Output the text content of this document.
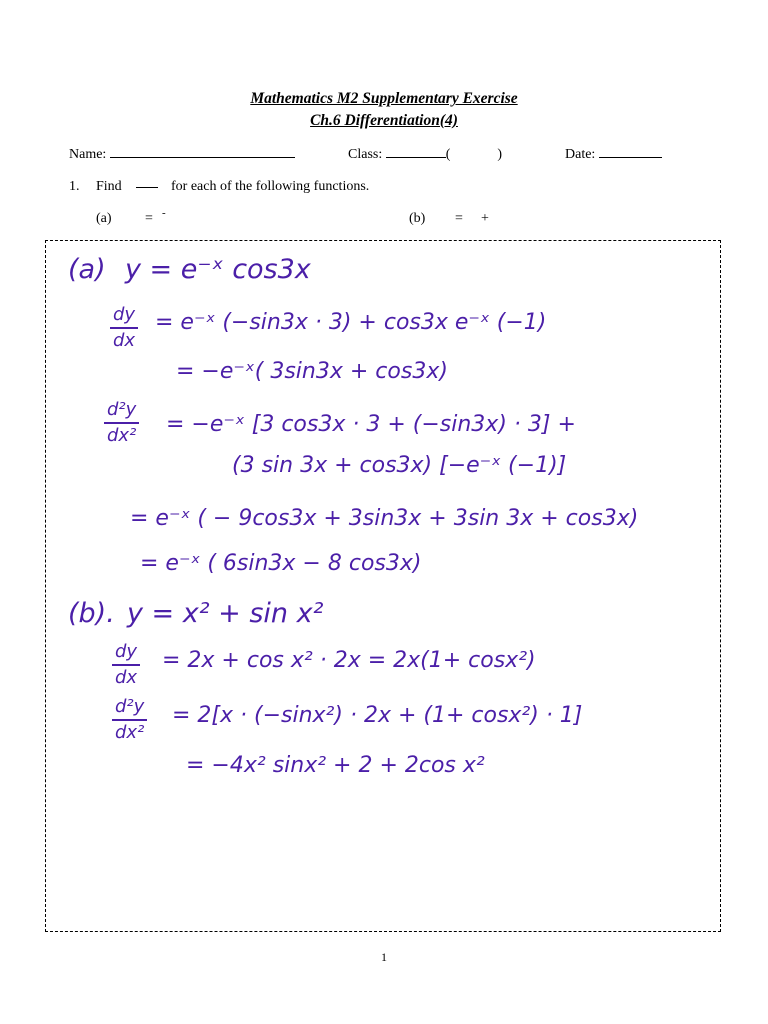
Mathematics M2 Supplementary Exercise
Ch.6 Differentiation(4)
Name:	Class:	(	)	Date:
1. Find	for each of the following functions.
(a) = -	(b) = +
(a) y = e⁻ˣ cos3x
$\frac{dy}{dx}$ = e⁻ˣ (−sin3x · 3) + cos3x e⁻ˣ (−1)
= −e⁻ˣ( 3sin3x + cos3x)
$\frac{\text{d²y}}{\text{dx²}}$ = −e⁻ˣ [3 cos3x · 3 + (−sin3x) · 3] +
(3 sin 3x + cos3x) [−e⁻ˣ (−1)]
= e⁻ˣ ( − 9cos3x + 3sin3x + 3sin 3x + cos3x)
= e⁻ˣ ( 6sin3x − 8 cos3x)
(b). y = x² + sin x²
$\frac{dy}{dx} = 2x + \cos x^2 \cdot 2x = 2x(1+ \cos x^2)$
$\frac{\text{d²y}}{\text{dx²}} = 2[x \cdot (-\sin x^2) \cdot 2x + (1+ \cos x^2) \cdot 1]$
= −4x² sinx² + 2 + 2cos x²
1
